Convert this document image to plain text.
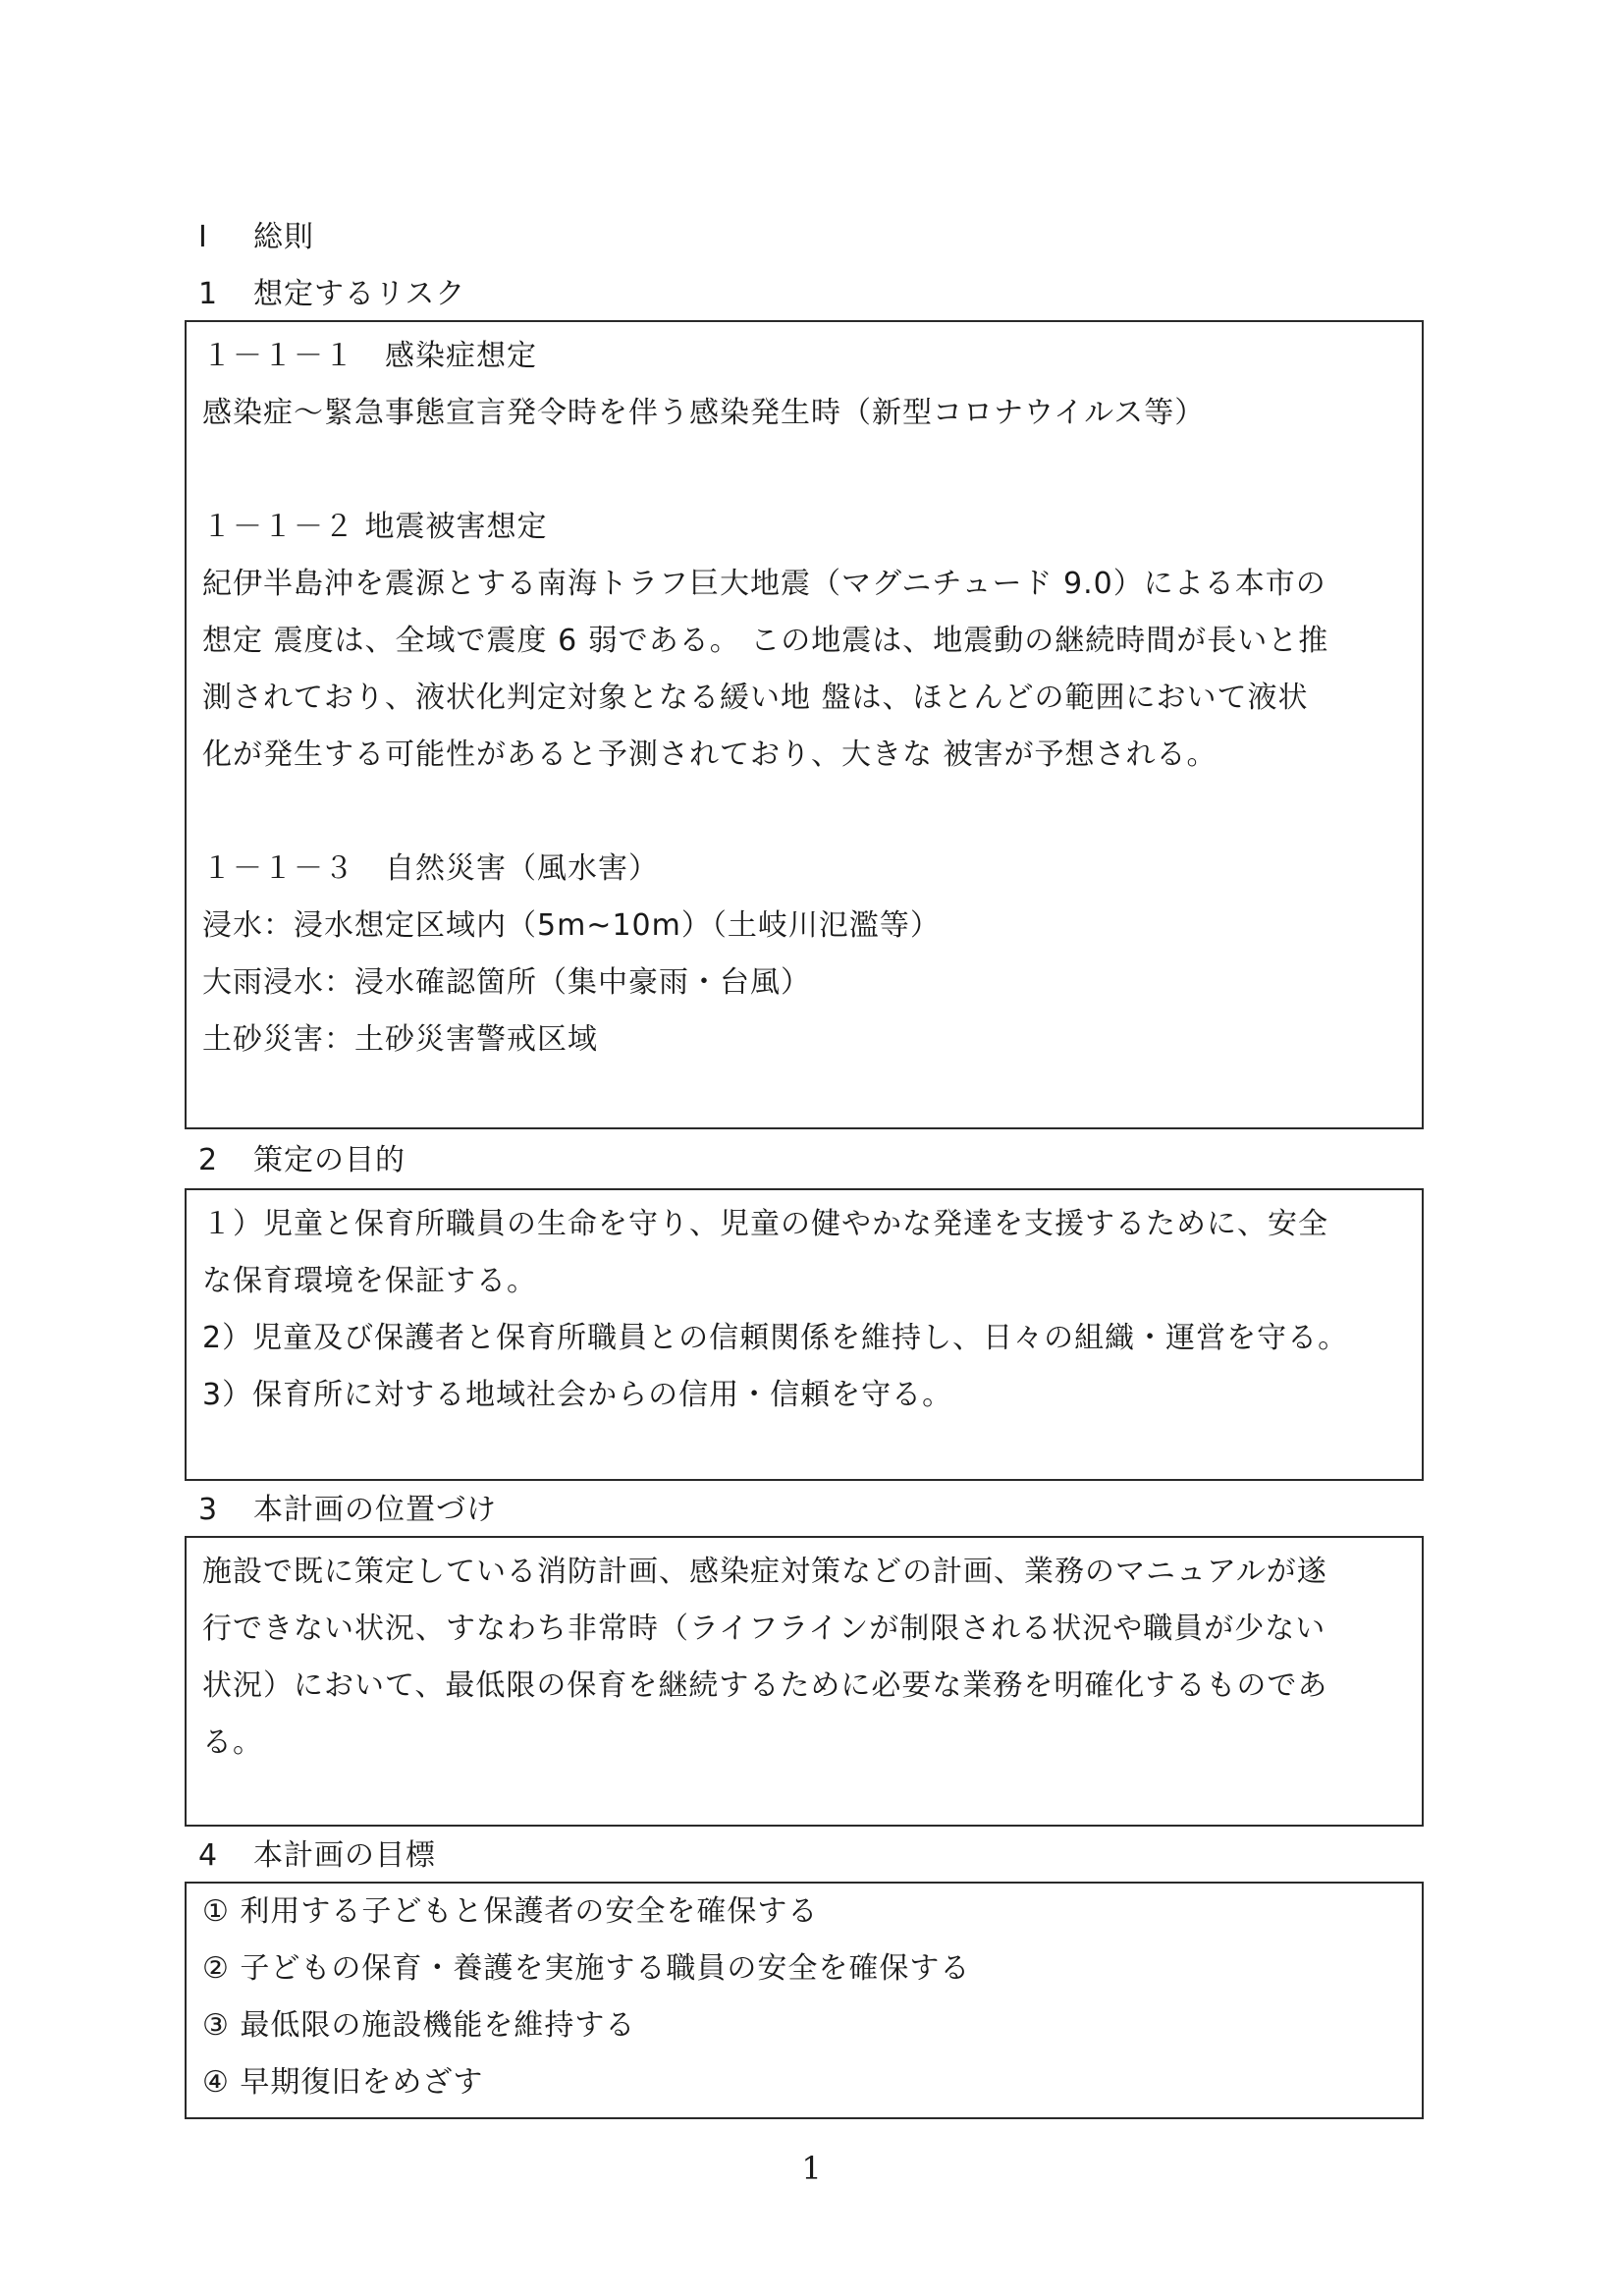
I 総則
1 想定するリスク
１－１－１　感染症想定
感染症～緊急事態宣言発令時を伴う感染発生時（新型コロナウイルス等）
１－１－２ 地震被害想定
紀伊半島沖を震源とする南海トラフ巨大地震（マグニチュード 9.0）による本市の
想定 震度は、全域で震度 6 弱である。 この地震は、地震動の継続時間が長いと推
測されており、液状化判定対象となる緩い地 盤は、ほとんどの範囲において液状
化が発生する可能性があると予測されており、大きな 被害が予想される。
１－１－３　自然災害（風水害）
浸水：浸水想定区域内（5m~10m）（土岐川氾濫等）
大雨浸水：浸水確認箇所（集中豪雨・台風）
土砂災害：土砂災害警戒区域
2 策定の目的
１）児童と保育所職員の生命を守り、児童の健やかな発達を支援するために、安全
な保育環境を保証する。
2）児童及び保護者と保育所職員との信頼関係を維持し、日々の組織・運営を守る。
3）保育所に対する地域社会からの信用・信頼を守る。
3 本計画の位置づけ
施設で既に策定している消防計画、感染症対策などの計画、業務のマニュアルが遂
行できない状況、すなわち非常時（ライフラインが制限される状況や職員が少ない
状況）において、最低限の保育を継続するために必要な業務を明確化するものであ
る。
4 本計画の目標
① 利用する子どもと保護者の安全を確保する
② 子どもの保育・養護を実施する職員の安全を確保する
③ 最低限の施設機能を維持する
④ 早期復旧をめざす
1
